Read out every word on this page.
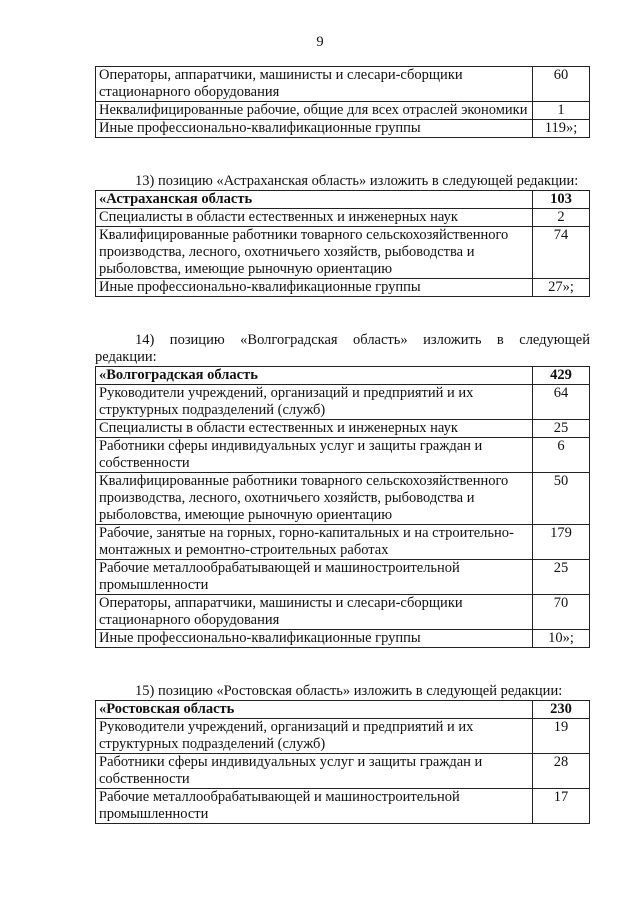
9
Операторы, аппаратчики, машинисты и слесари-сборщики стационарного оборудования	60
Неквалифицированные рабочие, общие для всех отраслей экономики	1
Иные профессионально-квалификационные группы	119»;

13) позицию «Астраханская область» изложить в следующей редакции:

«Астраханская область	103
Специалисты в области естественных и инженерных наук	2
Квалифицированные работники товарного сельскохозяйственного производства, лесного, охотничьего хозяйств, рыбоводства и рыболовства, имеющие рыночную ориентацию	74
Иные профессионально-квалификационные группы	27»;
14) позицию «Волгоградская область» изложить в следующей
редакции:
«Волгоградская область	429
Руководители учреждений, организаций и предприятий и их структурных подразделений (служб)	64
Специалисты в области естественных и инженерных наук	25
Работники сферы индивидуальных услуг и защиты граждан и собственности	6
Квалифицированные работники товарного сельскохозяйственного производства, лесного, охотничьего хозяйств, рыбоводства и рыболовства, имеющие рыночную ориентацию	50
Рабочие, занятые на горных, горно-капитальных и на строительно-монтажных и ремонтно-строительных работах	179
Рабочие металлообрабатывающей и машиностроительной промышленности	25
Операторы, аппаратчики, машинисты и слесари-сборщики стационарного оборудования	70
Иные профессионально-квалификационные группы	10»;

15) позицию «Ростовская область» изложить в следующей редакции:

«Ростовская область	230
Руководители учреждений, организаций и предприятий и их структурных подразделений (служб)	19
Работники сферы индивидуальных услуг и защиты граждан и собственности	28
Рабочие металлообрабатывающей и машиностроительной промышленности	17
